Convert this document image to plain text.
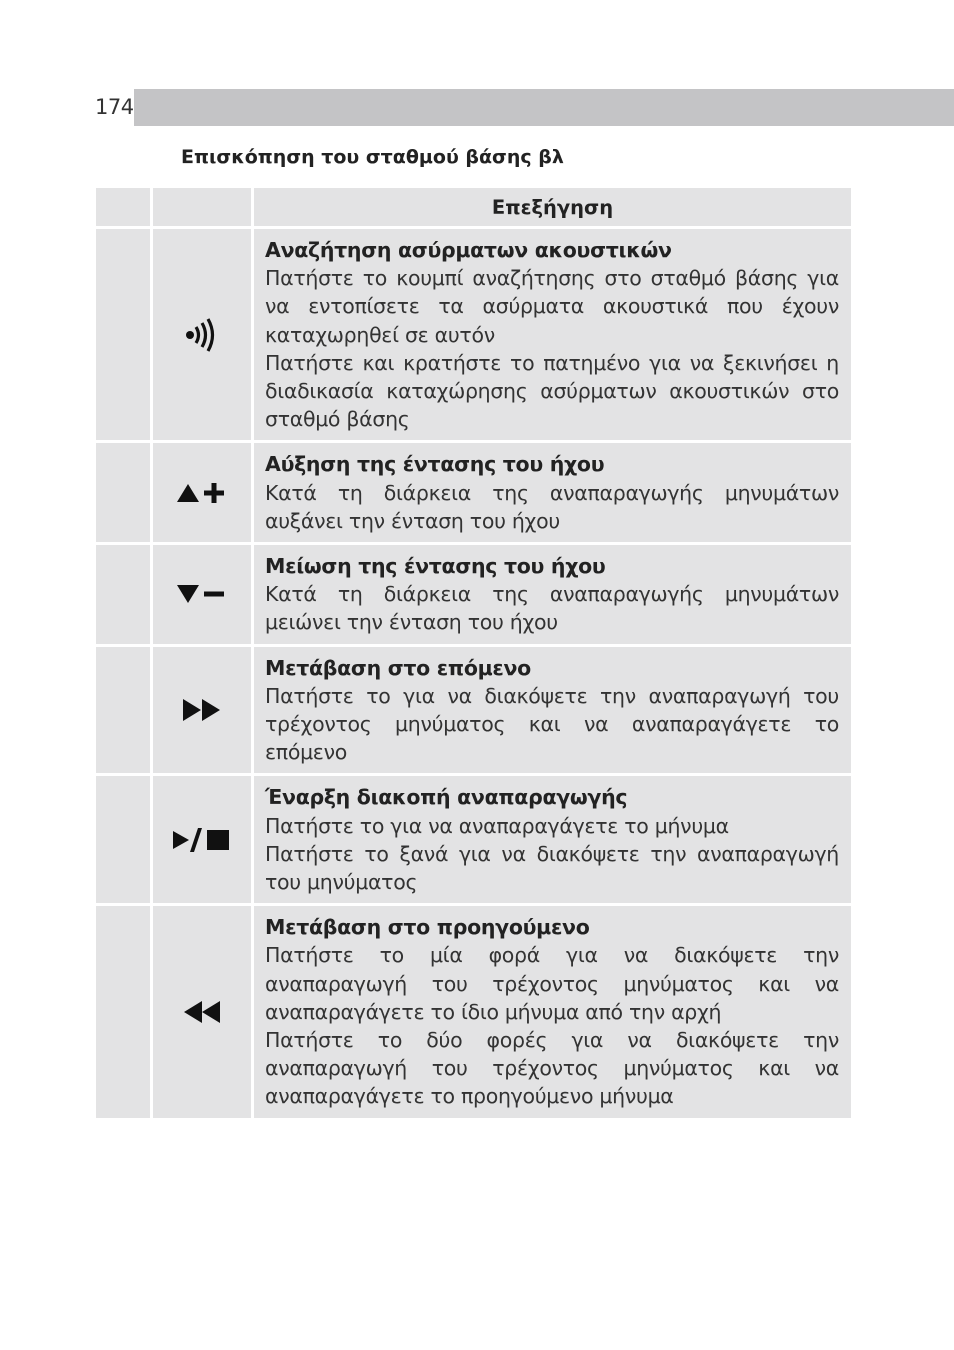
174
Επισκόπηση του σταθμού βάσης βλ
		Επεξήγηση

Αναζήτηση ασύρματων ακουστικών
Πατήστε το κουμπί αναζήτησης στο σταθμό βάσης για να εντοπίσετε τα ασύρματα ακουστικά που έχουν καταχωρηθεί σε αυτόν
Πατήστε και κρατήστε το πατημένο για να ξεκινήσει η διαδικασία καταχώρησης ασύρματων ακουστικών στο σταθμό βάσης

Αύξηση της έντασης του ήχου
Κατά τη διάρκεια της αναπαραγωγής μηνυμάτων αυξάνει την ένταση του ήχου

Μείωση της έντασης του ήχου
Κατά τη διάρκεια της αναπαραγωγής μηνυμάτων μειώνει την ένταση του ήχου

Μετάβαση στο επόμενο
Πατήστε το για να διακόψετε την αναπαραγωγή του τρέχοντος μηνύματος και να αναπαραγάγετε το επόμενο

Έναρξη διακοπή αναπαραγωγής
Πατήστε το για να αναπαραγάγετε το μήνυμα
Πατήστε το ξανά για να διακόψετε την αναπαραγωγή του μηνύματος

Μετάβαση στο προηγούμενο
Πατήστε το μία φορά για να διακόψετε την αναπαραγωγή του τρέχοντος μηνύματος και να αναπαραγάγετε το ίδιο μήνυμα από την αρχή
Πατήστε το δύο φορές για να διακόψετε την αναπαραγωγή του τρέχοντος μηνύματος και να αναπαραγάγετε το προηγούμενο μήνυμα
